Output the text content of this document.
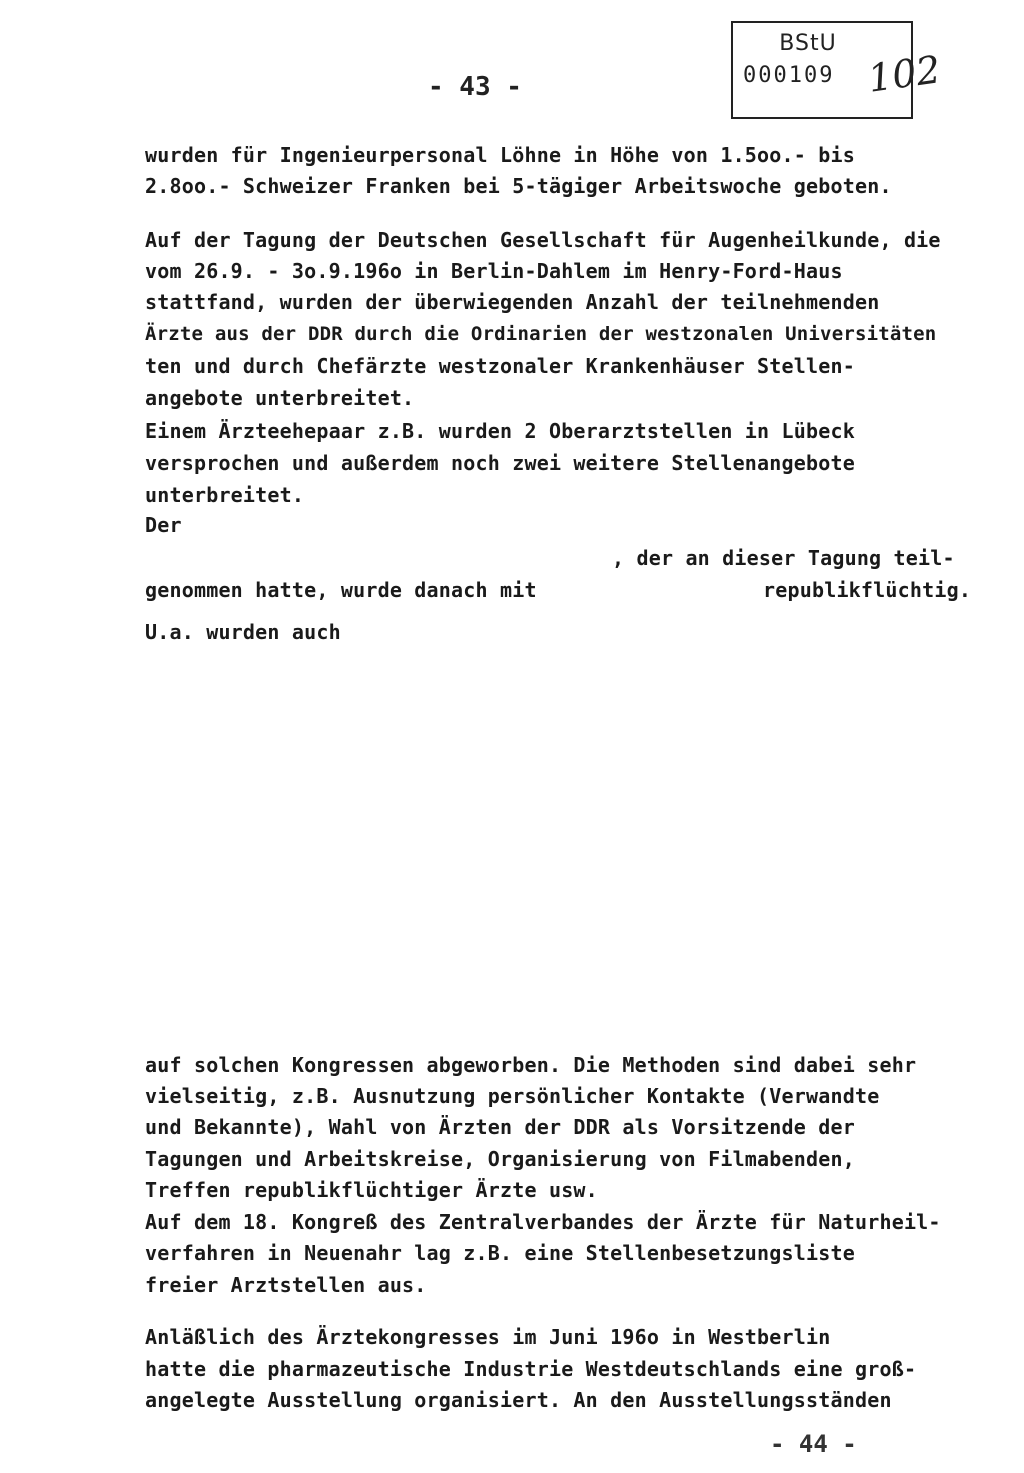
BStU
000109 102
- 43 -
wurden für Ingenieurpersonal Löhne in Höhe von 1.5oo.- bis
2.8oo.- Schweizer Franken bei 5-tägiger Arbeitswoche geboten.
Auf der Tagung der Deutschen Gesellschaft für Augenheilkunde, die
vom 26.9. - 3o.9.196o in Berlin-Dahlem im Henry-Ford-Haus
stattfand, wurden der überwiegenden Anzahl der teilnehmenden
Ärzte aus der DDR durch die Ordinarien der westzonalen Universitäten
ten und durch Chefärzte westzonaler Krankenhäuser Stellen-
angebote unterbreitet.
Einem Ärzteehepaar z.B. wurden 2 Oberarztstellen in Lübeck
versprochen und außerdem noch zwei weitere Stellenangebote
unterbreitet.
Der
, der an dieser Tagung teil-
genommen hatte, wurde danach mit	republikflüchtig.
U.a. wurden auch
auf solchen Kongressen abgeworben. Die Methoden sind dabei sehr
vielseitig, z.B. Ausnutzung persönlicher Kontakte (Verwandte
und Bekannte), Wahl von Ärzten der DDR als Vorsitzende der
Tagungen und Arbeitskreise, Organisierung von Filmabenden,
Treffen republikflüchtiger Ärzte usw.
Auf dem 18. Kongreß des Zentralverbandes der Ärzte für Naturheil-
verfahren in Neuenahr lag z.B. eine Stellenbesetzungsliste
freier Arztstellen aus.
Anläßlich des Ärztekongresses im Juni 196o in Westberlin
hatte die pharmazeutische Industrie Westdeutschlands eine groß-
angelegte Ausstellung organisiert. An den Ausstellungsständen
- 44 -
